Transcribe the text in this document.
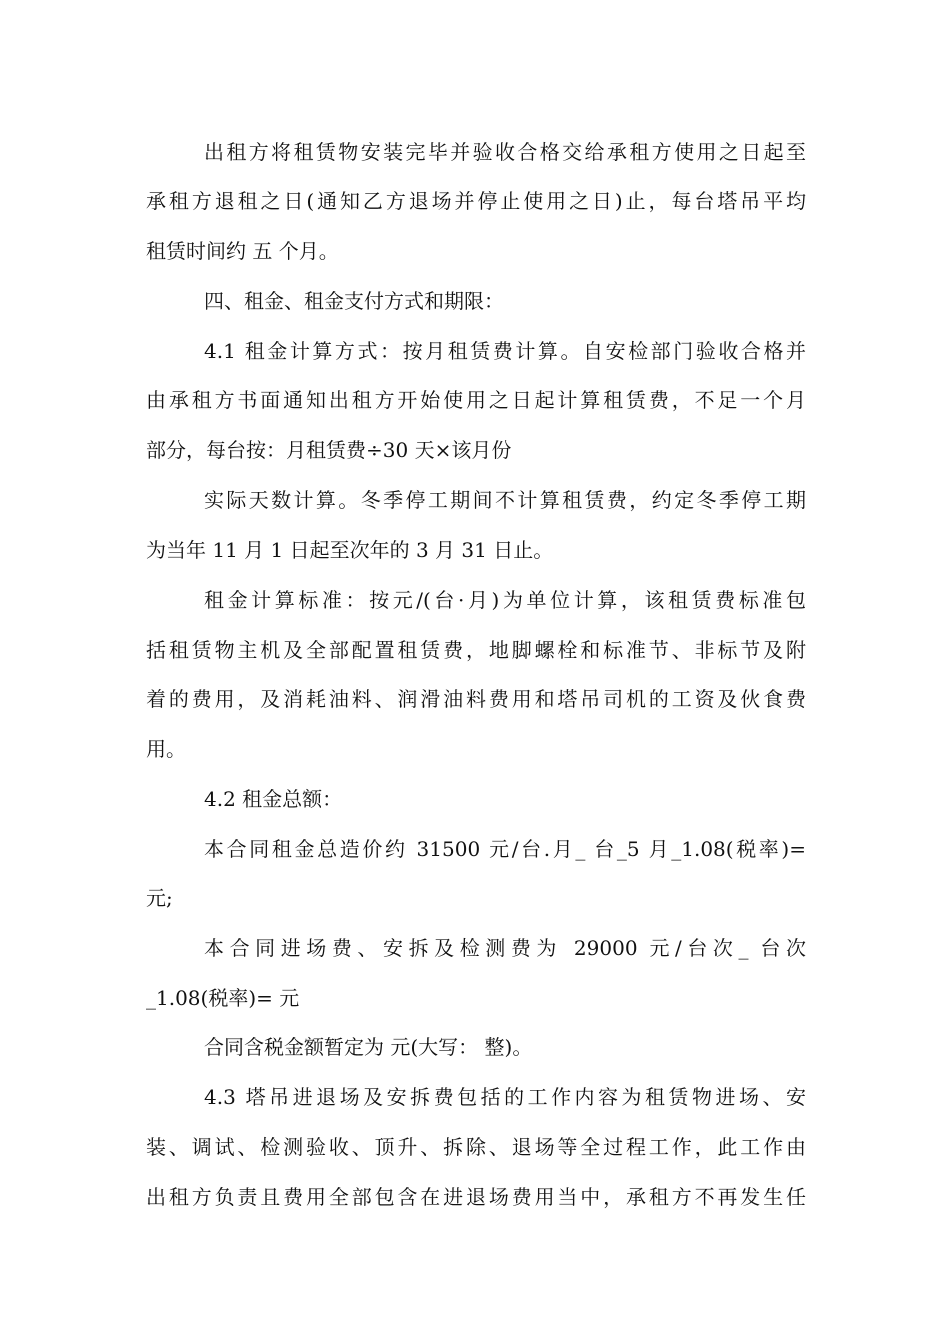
出租方将租赁物安装完毕并验收合格交给承租方使用之日起至
承租方退租之日(通知乙方退场并停止使用之日)止，每台塔吊平均
租赁时间约 五 个月。
四、租金、租金支付方式和期限：
4.1 租金计算方式：按月租赁费计算。自安检部门验收合格并
由承租方书面通知出租方开始使用之日起计算租赁费，不足一个月
部分，每台按：月租赁费÷30 天×该月份
实际天数计算。冬季停工期间不计算租赁费，约定冬季停工期
为当年 11 月 1 日起至次年的 3 月 31 日止。
租金计算标准：按元/(台·月)为单位计算，该租赁费标准包
括租赁物主机及全部配置租赁费，地脚螺栓和标准节、非标节及附
着的费用，及消耗油料、润滑油料费用和塔吊司机的工资及伙食费
用。
4.2 租金总额：
本合同租金总造价约 31500 元/台.月_ 台_5 月_1.08(税率)=
元;
本合同进场费、安拆及检测费为 29000 元/台次_ 台次
_1.08(税率)= 元
合同含税金额暂定为 元(大写： 整)。
4.3 塔吊进退场及安拆费包括的工作内容为租赁物进场、安
装、调试、检测验收、顶升、拆除、退场等全过程工作，此工作由
出租方负责且费用全部包含在进退场费用当中，承租方不再发生任
